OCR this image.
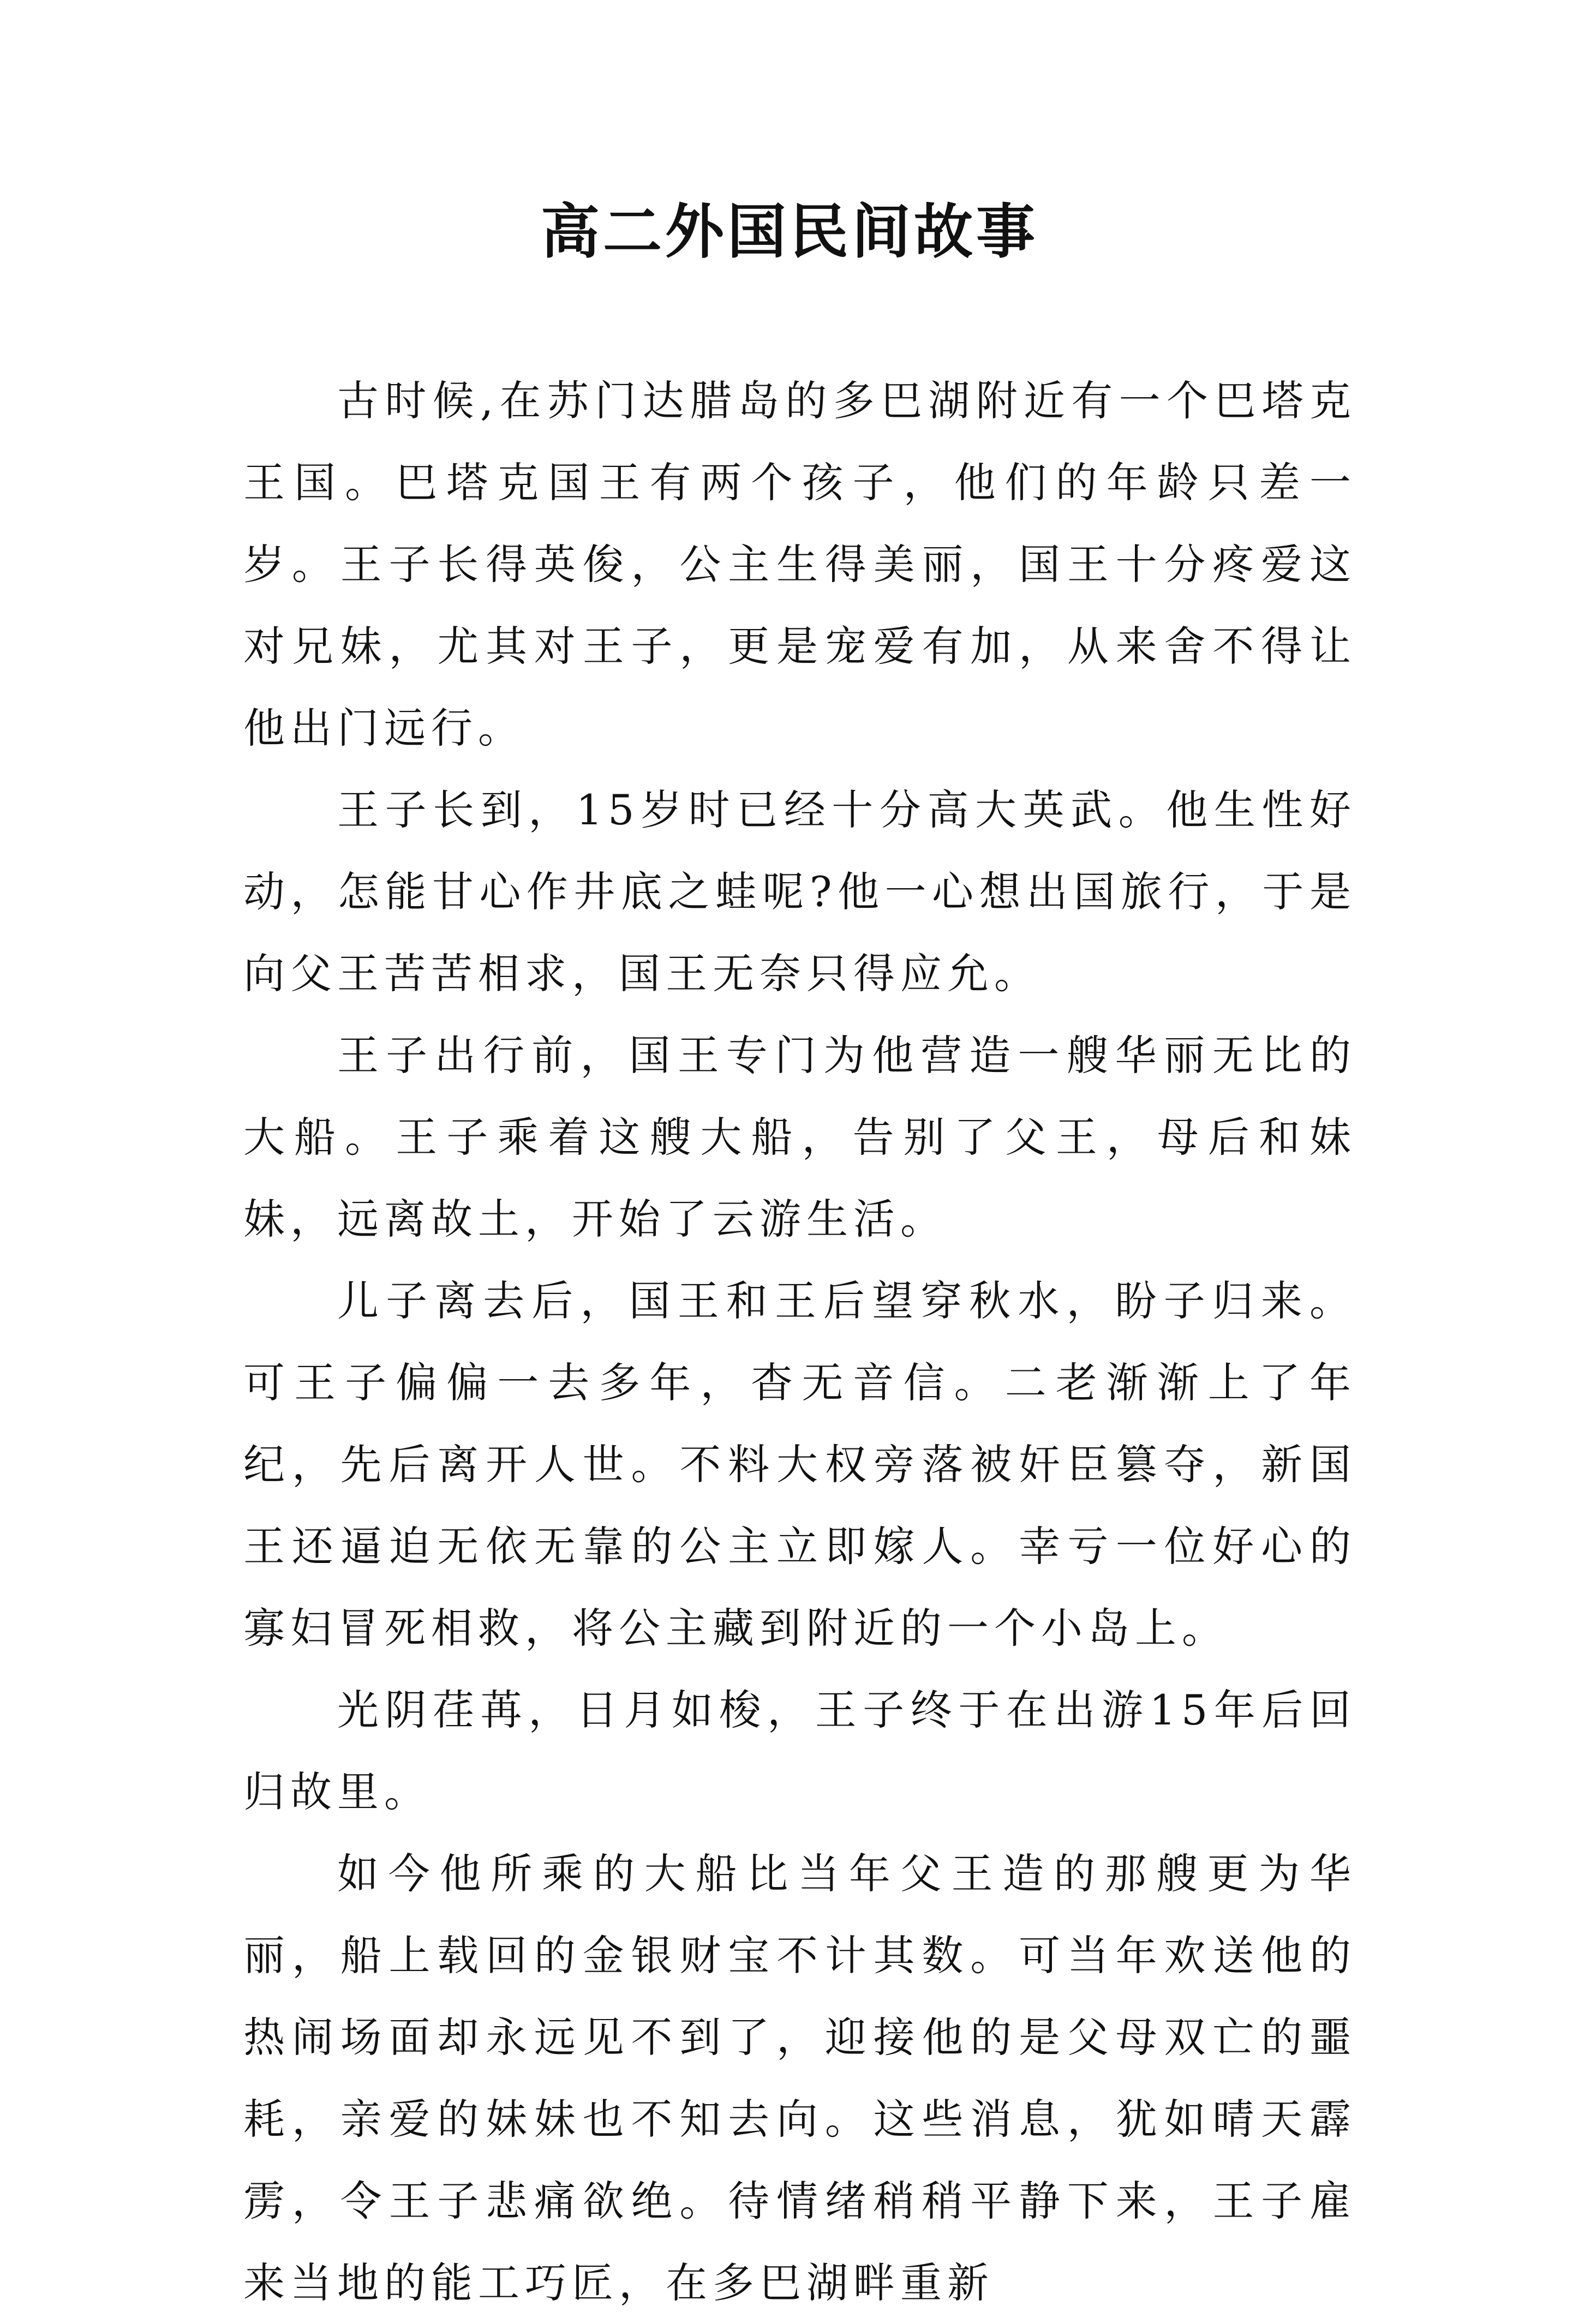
高二外国民间故事

古时候,在苏门达腊岛的多巴湖附近有一个巴塔克王国。巴塔克国王有两个孩子，他们的年龄只差一岁。王子长得英俊，公主生得美丽，国王十分疼爱这对兄妹，尤其对王子，更是宠爱有加，从来舍不得让他出门远行。

王子长到，15岁时已经十分高大英武。他生性好动，怎能甘心作井底之蛙呢?他一心想出国旅行，于是向父王苦苦相求，国王无奈只得应允。

王子出行前，国王专门为他营造一艘华丽无比的大船。王子乘着这艘大船，告别了父王，母后和妹妹，远离故土，开始了云游生活。

儿子离去后，国王和王后望穿秋水，盼子归来。可王子偏偏一去多年，杳无音信。二老渐渐上了年纪，先后离开人世。不料大权旁落被奸臣篡夺，新国王还逼迫无依无靠的公主立即嫁人。幸亏一位好心的寡妇冒死相救，将公主藏到附近的一个小岛上。

光阴荏苒，日月如梭，王子终于在出游15年后回归故里。

如今他所乘的大船比当年父王造的那艘更为华丽，船上载回的金银财宝不计其数。可当年欢送他的热闹场面却永远见不到了，迎接他的是父母双亡的噩耗，亲爱的妹妹也不知去向。这些消息，犹如晴天霹雳，令王子悲痛欲绝。待情绪稍稍平静下来，王子雇来当地的能工巧匠，在多巴湖畔重新
